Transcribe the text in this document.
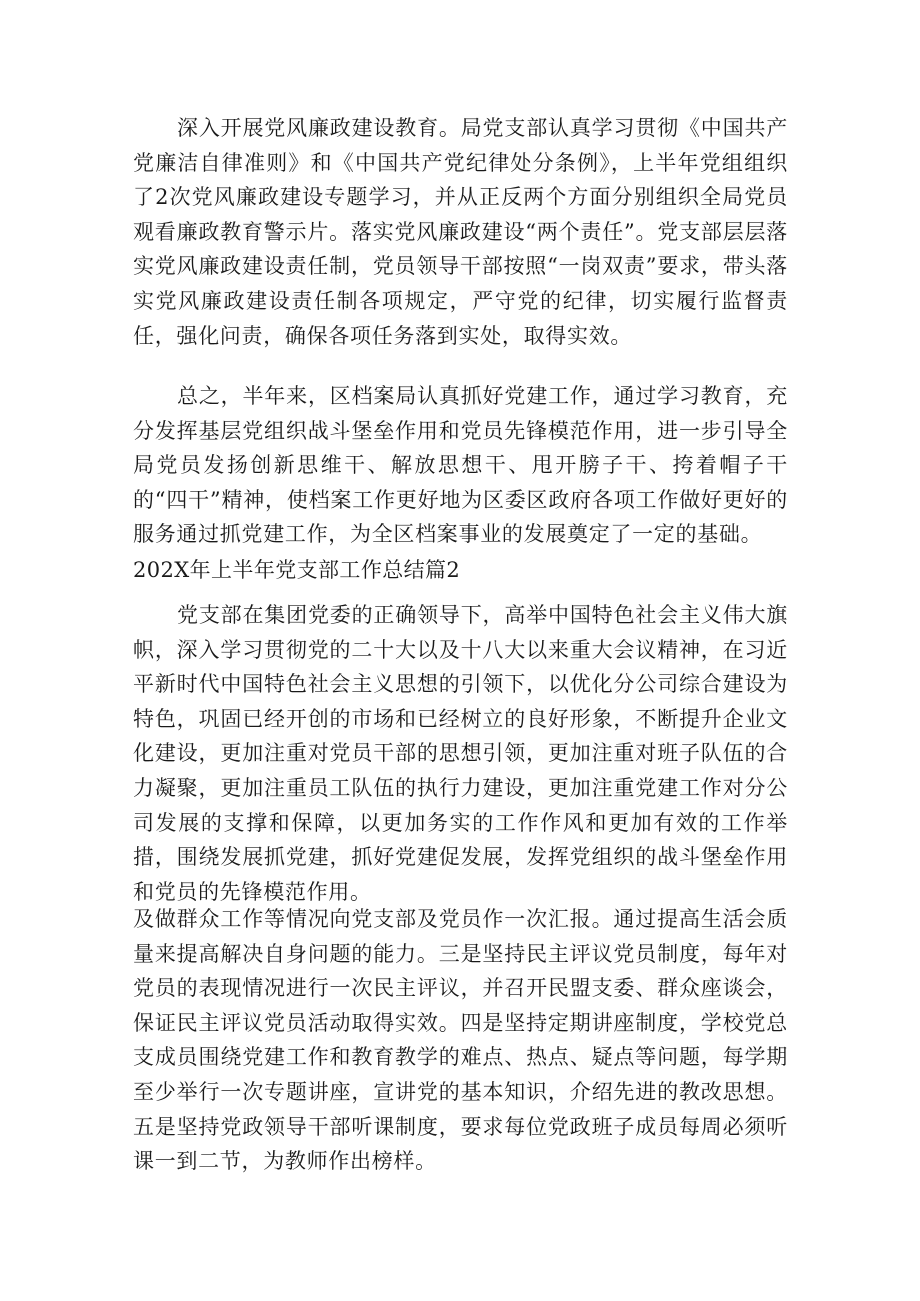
深入开展党风廉政建设教育。局党支部认真学习贯彻《中国共产党廉洁自律准则》和《中国共产党纪律处分条例》，上半年党组组织了2次党风廉政建设专题学习，并从正反两个方面分别组织全局党员观看廉政教育警示片。落实党风廉政建设“两个责任”。党支部层层落实党风廉政建设责任制，党员领导干部按照“一岗双责”要求，带头落实党风廉政建设责任制各项规定，严守党的纪律，切实履行监督责任，强化问责，确保各项任务落到实处，取得实效。

总之，半年来，区档案局认真抓好党建工作，通过学习教育，充分发挥基层党组织战斗堡垒作用和党员先锋模范作用，进一步引导全局党员发扬创新思维干、解放思想干、甩开膀子干、挎着帽子干的“四干”精神，使档案工作更好地为区委区政府各项工作做好更好的服务通过抓党建工作，为全区档案事业的发展奠定了一定的基础。

202X年上半年党支部工作总结篇2

党支部在集团党委的正确领导下，高举中国特色社会主义伟大旗帜，深入学习贯彻党的二十大以及十八大以来重大会议精神，在习近平新时代中国特色社会主义思想的引领下，以优化分公司综合建设为特色，巩固已经开创的市场和已经树立的良好形象，不断提升企业文化建设，更加注重对党员干部的思想引领，更加注重对班子队伍的合力凝聚，更加注重员工队伍的执行力建设，更加注重党建工作对分公司发展的支撑和保障，以更加务实的工作作风和更加有效的工作举措，围绕发展抓党建，抓好党建促发展，发挥党组织的战斗堡垒作用和党员的先锋模范作用。

及做群众工作等情况向党支部及党员作一次汇报。通过提高生活会质量来提高解决自身问题的能力。三是坚持民主评议党员制度，每年对党员的表现情况进行一次民主评议，并召开民盟支委、群众座谈会，保证民主评议党员活动取得实效。四是坚持定期讲座制度，学校党总支成员围绕党建工作和教育教学的难点、热点、疑点等问题，每学期至少举行一次专题讲座，宣讲党的基本知识，介绍先进的教改思想。五是坚持党政领导干部听课制度，要求每位党政班子成员每周必须听课一到二节，为教师作出榜样。
